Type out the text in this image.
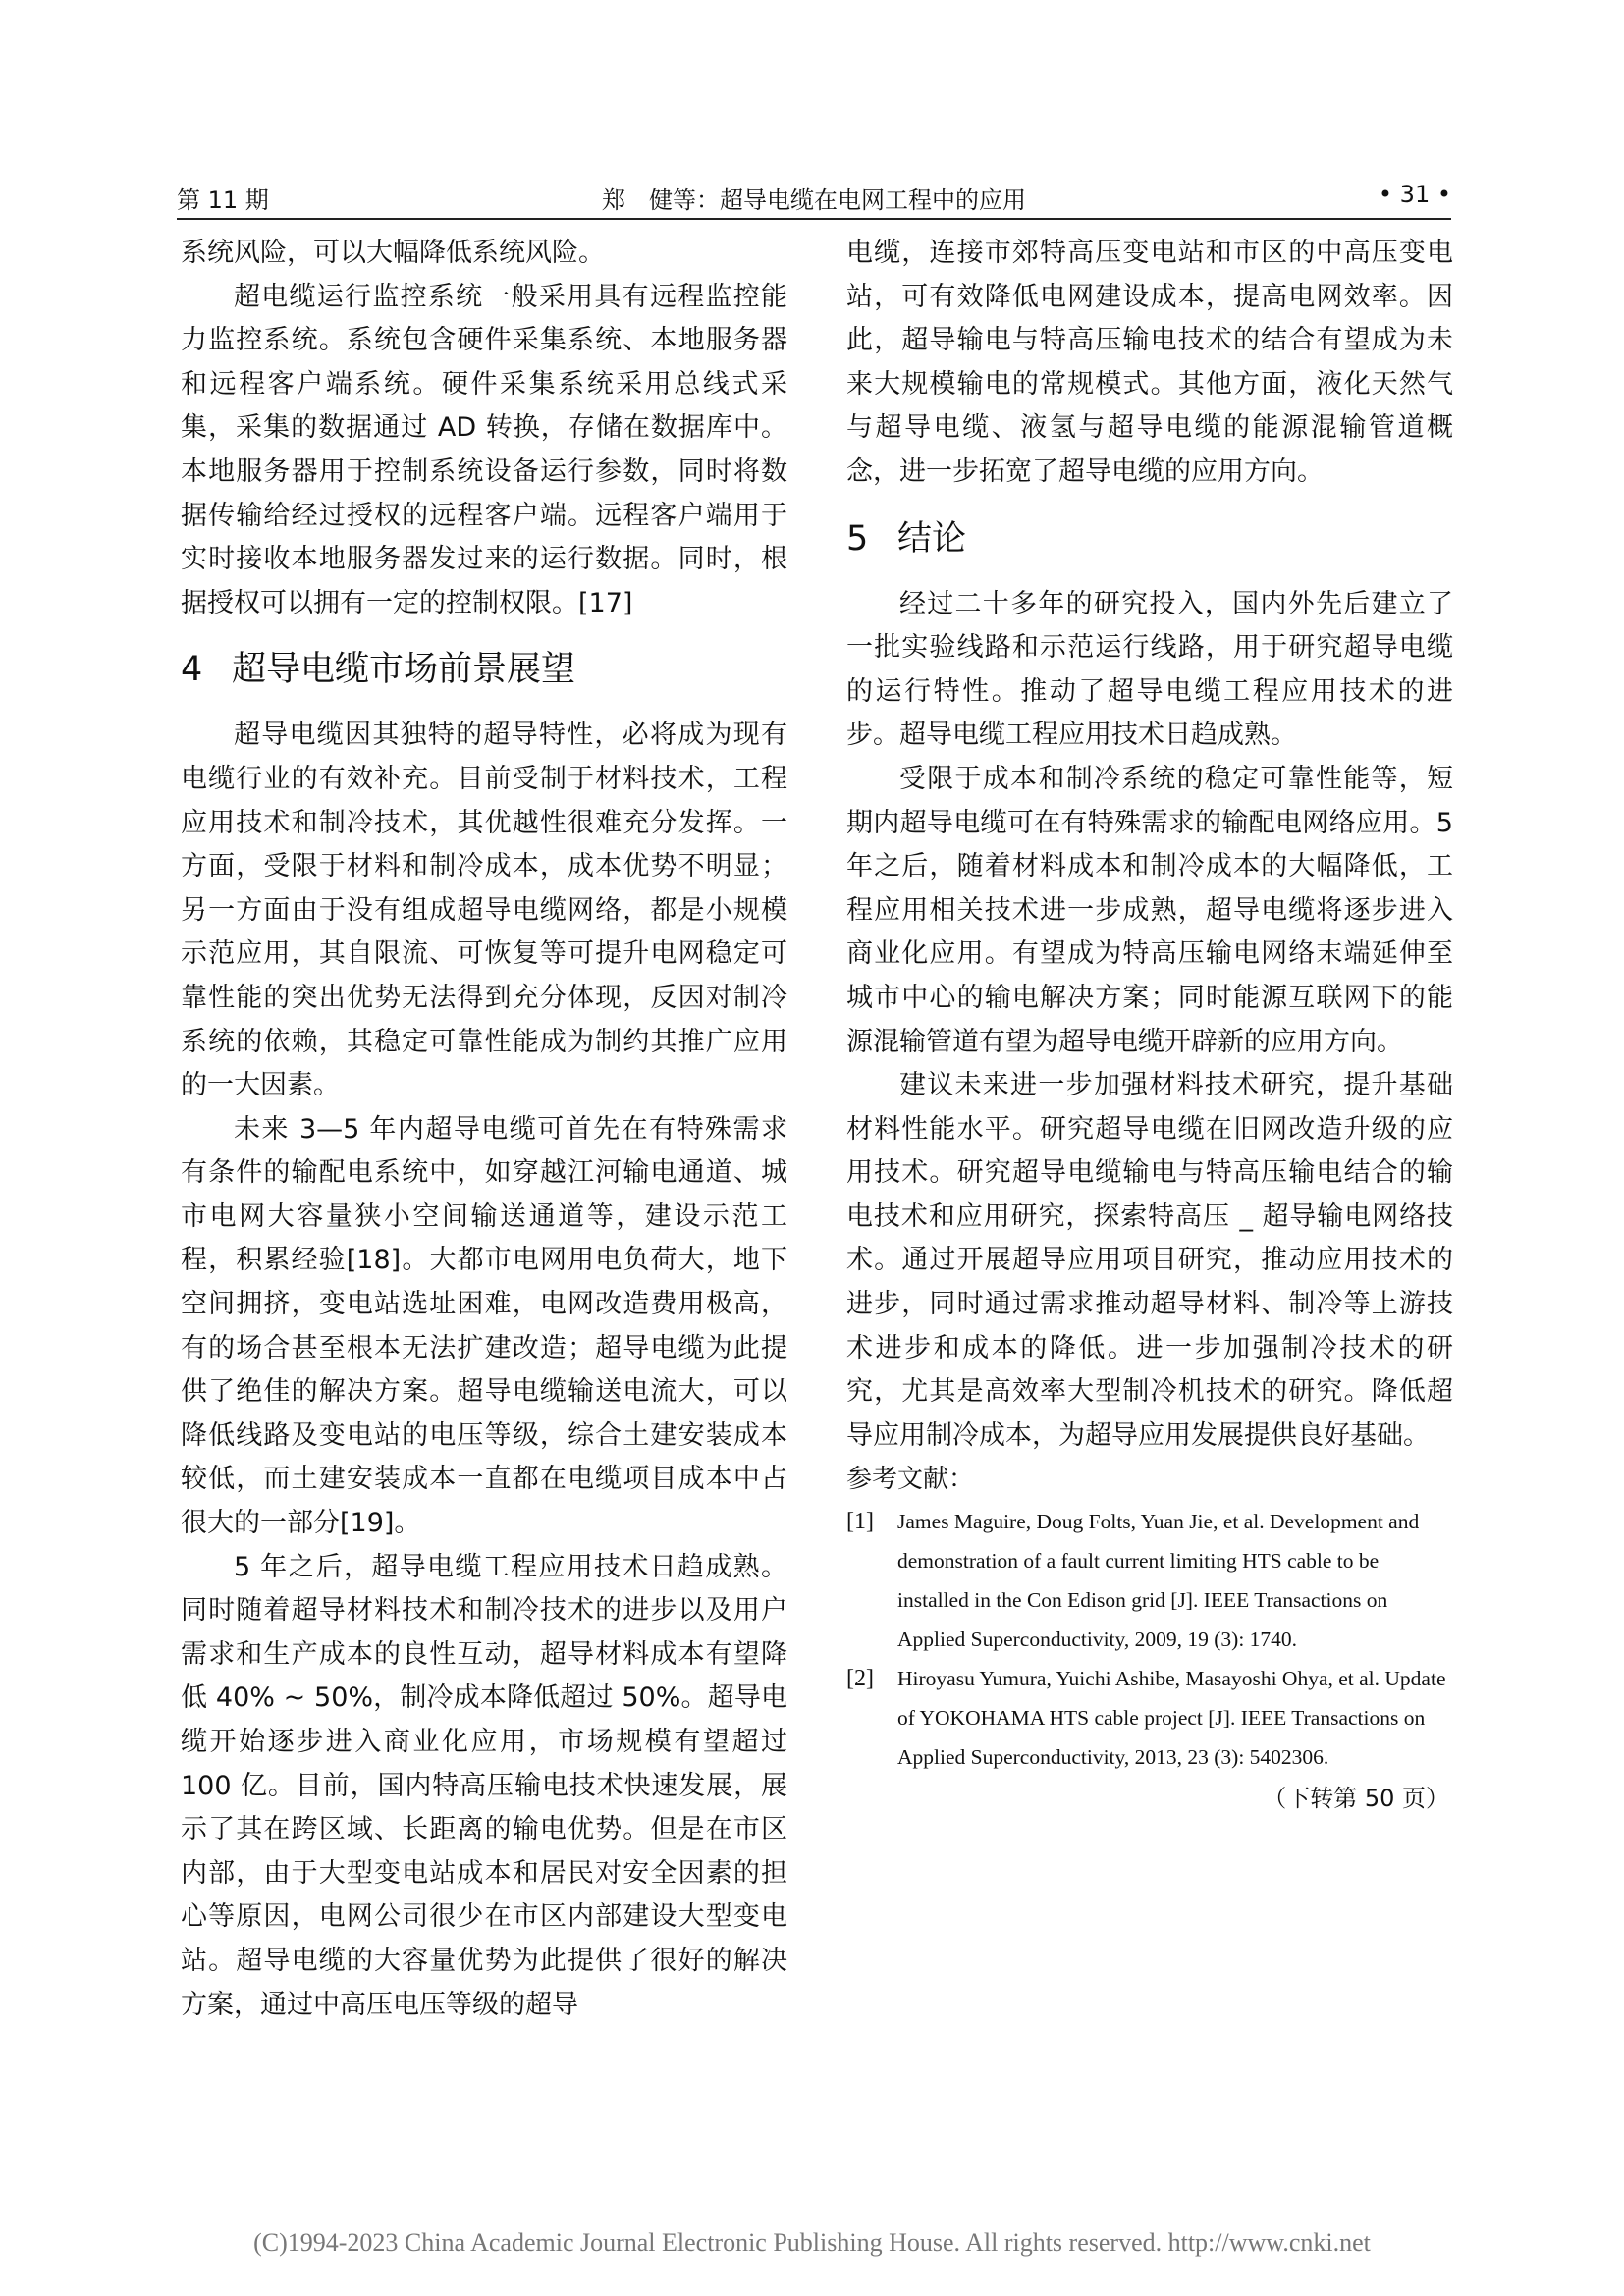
第 11 期	郑　健等：超导电缆在电网工程中的应用	• 31 •

系统风险，可以大幅降低系统风险。

超电缆运行监控系统一般采用具有远程监控能力监控系统。系统包含硬件采集系统、本地服务器和远程客户端系统。硬件采集系统采用总线式采集，采集的数据通过 AD 转换，存储在数据库中。本地服务器用于控制系统设备运行参数，同时将数据传输给经过授权的远程客户端。远程客户端用于实时接收本地服务器发过来的运行数据。同时，根据授权可以拥有一定的控制权限。[17]

4 超导电缆市场前景展望

超导电缆因其独特的超导特性，必将成为现有电缆行业的有效补充。目前受制于材料技术，工程应用技术和制冷技术，其优越性很难充分发挥。一方面，受限于材料和制冷成本，成本优势不明显；另一方面由于没有组成超导电缆网络，都是小规模示范应用，其自限流、可恢复等可提升电网稳定可靠性能的突出优势无法得到充分体现，反因对制冷系统的依赖，其稳定可靠性能成为制约其推广应用的一大因素。

未来 3—5 年内超导电缆可首先在有特殊需求有条件的输配电系统中，如穿越江河输电通道、城市电网大容量狭小空间输送通道等，建设示范工程，积累经验[18]。大都市电网用电负荷大，地下空间拥挤，变电站选址困难，电网改造费用极高，有的场合甚至根本无法扩建改造；超导电缆为此提供了绝佳的解决方案。超导电缆输送电流大，可以降低线路及变电站的电压等级，综合土建安装成本较低，而土建安装成本一直都在电缆项目成本中占很大的一部分[19]。

5 年之后，超导电缆工程应用技术日趋成熟。同时随着超导材料技术和制冷技术的进步以及用户需求和生产成本的良性互动，超导材料成本有望降低 40% ~ 50%，制冷成本降低超过 50%。超导电缆开始逐步进入商业化应用，市场规模有望超过 100 亿。目前，国内特高压输电技术快速发展，展示了其在跨区域、长距离的输电优势。但是在市区内部，由于大型变电站成本和居民对安全因素的担心等原因，电网公司很少在市区内部建设大型变电站。超导电缆的大容量优势为此提供了很好的解决方案，通过中高压电压等级的超导

电缆，连接市郊特高压变电站和市区的中高压变电站，可有效降低电网建设成本，提高电网效率。因此，超导输电与特高压输电技术的结合有望成为未来大规模输电的常规模式。其他方面，液化天然气与超导电缆、液氢与超导电缆的能源混输管道概念，进一步拓宽了超导电缆的应用方向。

5 结论

经过二十多年的研究投入，国内外先后建立了一批实验线路和示范运行线路，用于研究超导电缆的运行特性。推动了超导电缆工程应用技术的进步。超导电缆工程应用技术日趋成熟。

受限于成本和制冷系统的稳定可靠性能等，短期内超导电缆可在有特殊需求的输配电网络应用。5 年之后，随着材料成本和制冷成本的大幅降低，工程应用相关技术进一步成熟，超导电缆将逐步进入商业化应用。有望成为特高压输电网络末端延伸至城市中心的输电解决方案；同时能源互联网下的能源混输管道有望为超导电缆开辟新的应用方向。

建议未来进一步加强材料技术研究，提升基础材料性能水平。研究超导电缆在旧网改造升级的应用技术。研究超导电缆输电与特高压输电结合的输电技术和应用研究，探索特高压 _ 超导输电网络技术。通过开展超导应用项目研究，推动应用技术的进步，同时通过需求推动超导材料、制冷等上游技术进步和成本的降低。进一步加强制冷技术的研究，尤其是高效率大型制冷机技术的研究。降低超导应用制冷成本，为超导应用发展提供良好基础。

参考文献：

[1] James Maguire, Doug Folts, Yuan Jie, et al. Development and demonstration of a fault current limiting HTS cable to be installed in the Con Edison grid [J]. IEEE Transactions on Applied Superconductivity, 2009, 19 (3): 1740.

[2] Hiroyasu Yumura, Yuichi Ashibe, Masayoshi Ohya, et al. Update of YOKOHAMA HTS cable project [J]. IEEE Transactions on Applied Superconductivity, 2013, 23 (3): 5402306.

（下转第 50 页）

(C)1994-2023 China Academic Journal Electronic Publishing House. All rights reserved. http://www.cnki.net
